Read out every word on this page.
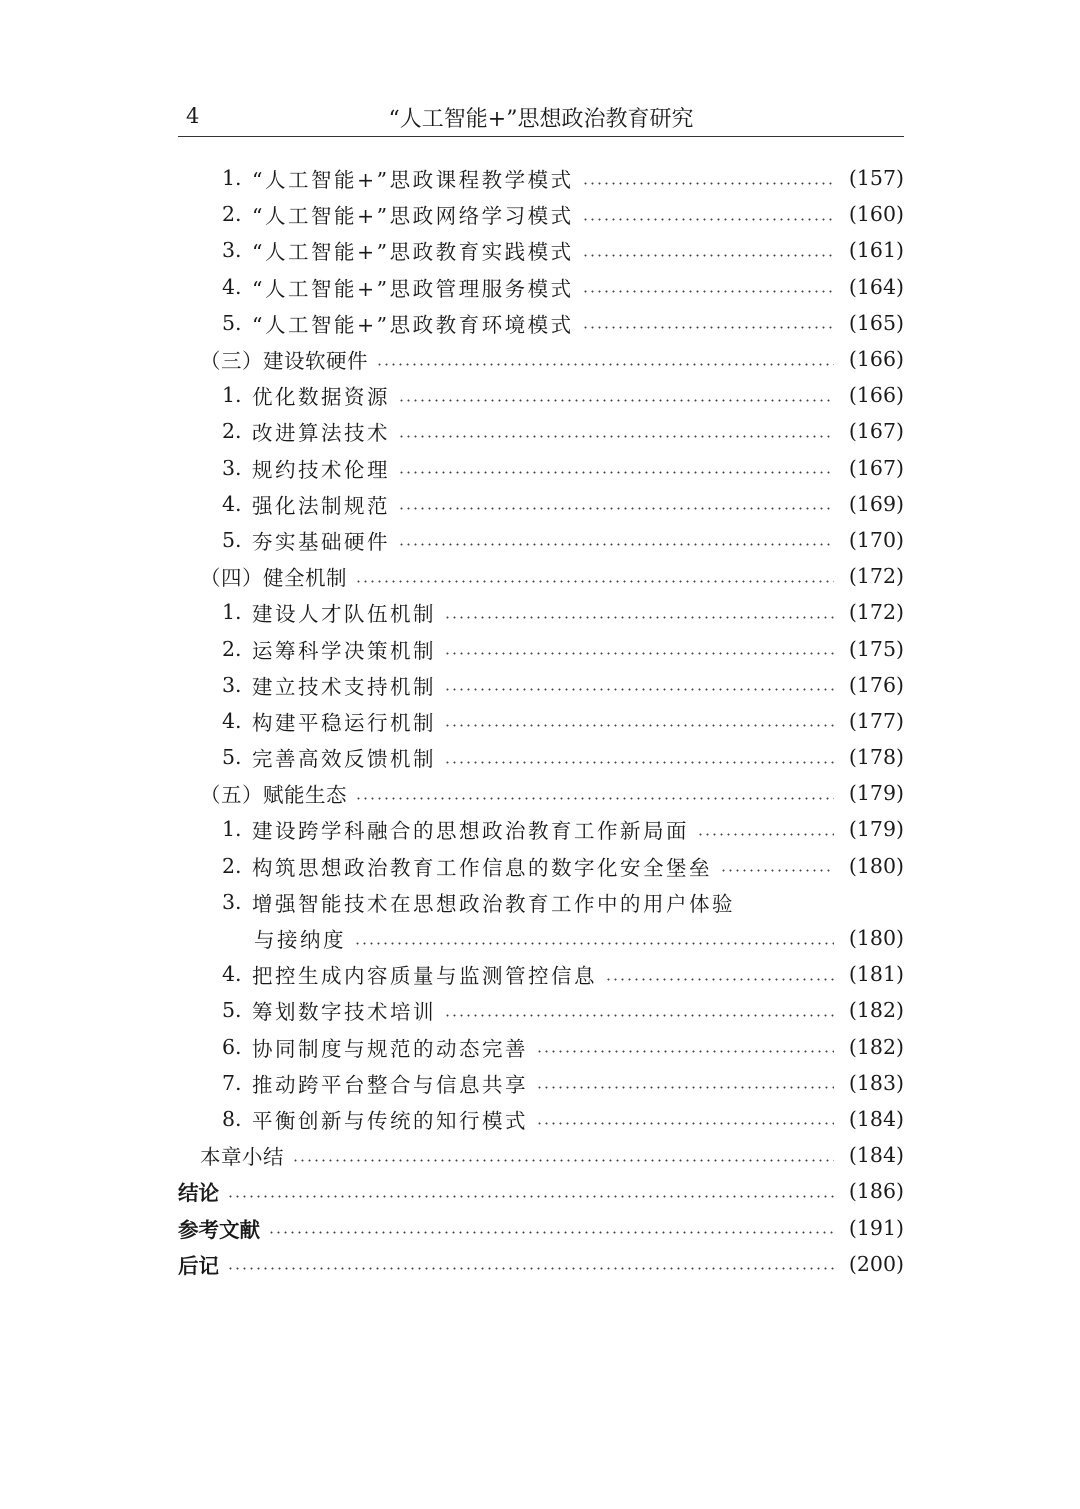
4	“人工智能+”思想政治教育研究
1. “人工智能+”思政课程教学模式	(157)
2. “人工智能+”思政网络学习模式	(160)
3. “人工智能+”思政教育实践模式	(161)
4. “人工智能+”思政管理服务模式	(164)
5. “人工智能+”思政教育环境模式	(165)
（三）建设软硬件	(166)
1. 优化数据资源	(166)
2. 改进算法技术	(167)
3. 规约技术伦理	(167)
4. 强化法制规范	(169)
5. 夯实基础硬件	(170)
（四）健全机制	(172)
1. 建设人才队伍机制	(172)
2. 运筹科学决策机制	(175)
3. 建立技术支持机制	(176)
4. 构建平稳运行机制	(177)
5. 完善高效反馈机制	(178)
（五）赋能生态	(179)
1. 建设跨学科融合的思想政治教育工作新局面	(179)
2. 构筑思想政治教育工作信息的数字化安全堡垒	(180)
3. 增强智能技术在思想政治教育工作中的用户体验
与接纳度	(180)
4. 把控生成内容质量与监测管控信息	(181)
5. 筹划数字技术培训	(182)
6. 协同制度与规范的动态完善	(182)
7. 推动跨平台整合与信息共享	(183)
8. 平衡创新与传统的知行模式	(184)
本章小结	(184)
结论	(186)
参考文献	(191)
后记	(200)
